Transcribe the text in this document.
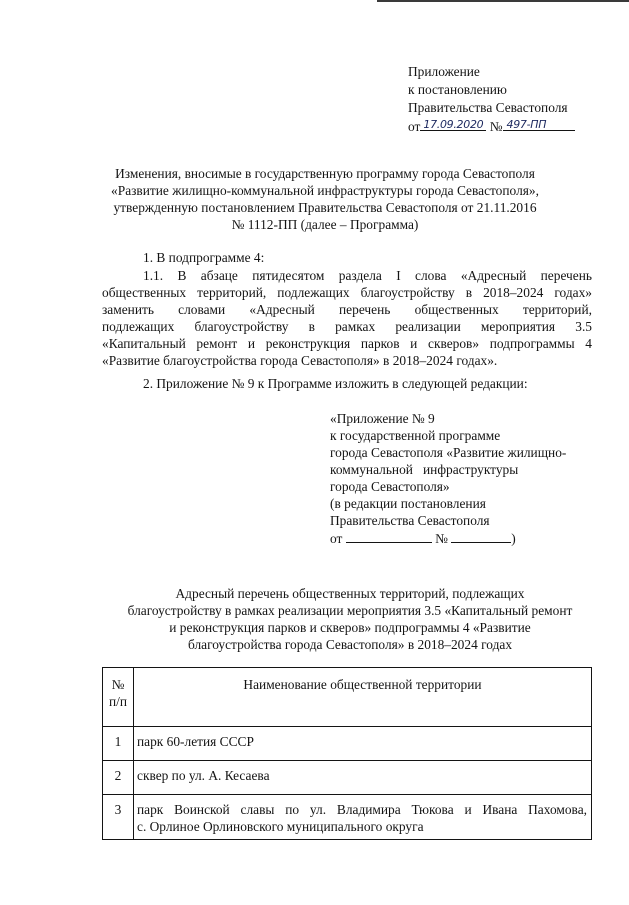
Приложение
к постановлению
Правительства Севастополя
от 17.09.2020 № 497-ПП
Изменения, вносимые в государственную программу города Севастополя
«Развитие жилищно-коммунальной инфраструктуры города Севастополя»,
утвержденную постановлением Правительства Севастополя от 21.11.2016
№ 1112-ПП (далее – Программа)
1. В подпрограмме 4:
1.1. В абзаце пятидесятом раздела I слова «Адресный перечень
общественных территорий, подлежащих благоустройству в 2018–2024 годах»
заменить словами «Адресный перечень общественных территорий,
подлежащих благоустройству в рамках реализации мероприятия 3.5
«Капитальный ремонт и реконструкция парков и скверов» подпрограммы 4
«Развитие благоустройства города Севастополя» в 2018–2024 годах».
2. Приложение № 9 к Программе изложить в следующей редакции:
«Приложение № 9
к государственной программе
города Севастополя «Развитие жилищно-
коммунальной   инфраструктуры
города Севастополя»
(в редакции постановления
Правительства Севастополя
от	№	)
Адресный перечень общественных территорий, подлежащих
благоустройству в рамках реализации мероприятия 3.5 «Капитальный ремонт
и реконструкция парков и скверов» подпрограммы 4 «Развитие
благоустройства города Севастополя» в 2018–2024 годах
№
п/п	Наименование общественной территории
1	парк 60-летия СССР
2	сквер по ул. А. Кесаева
3	парк Воинской славы по ул. Владимира Тюкова и Ивана Пахомова,
с. Орлиное Орлиновского муниципального округа
